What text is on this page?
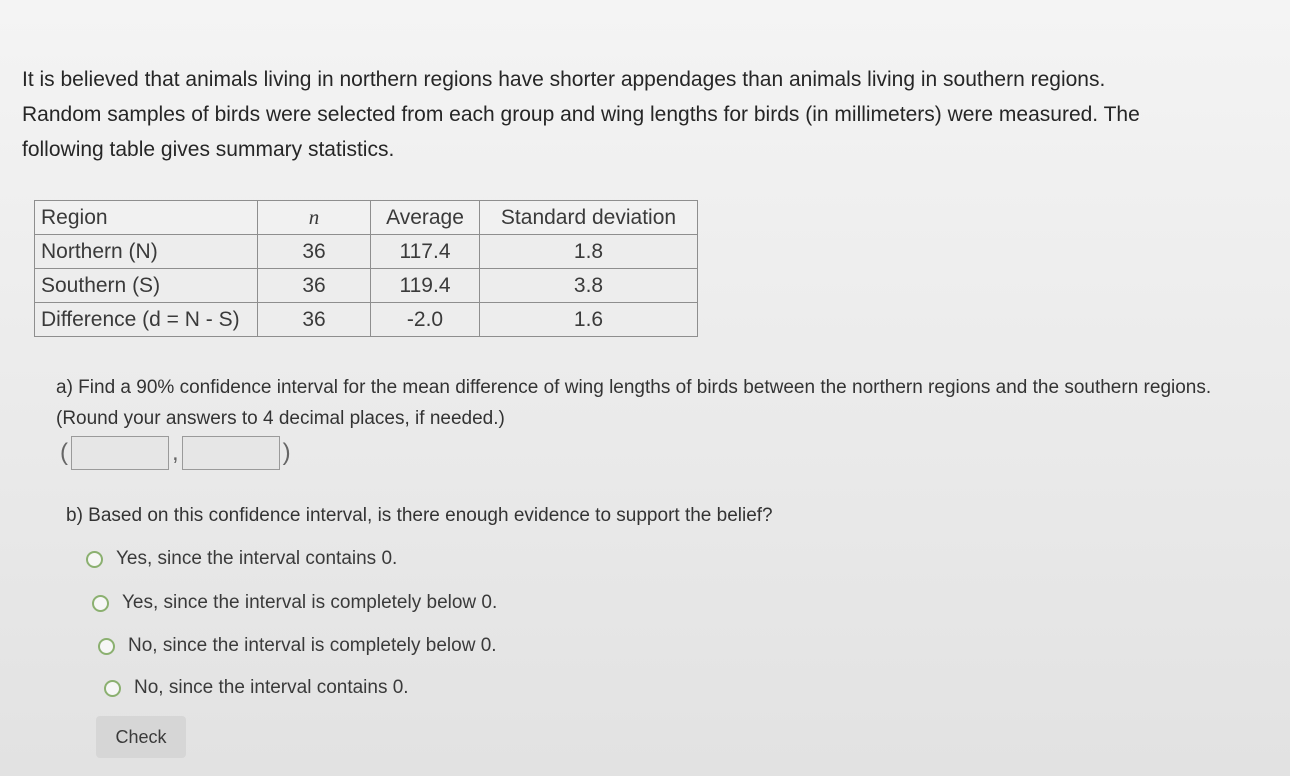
It is believed that animals living in northern regions have shorter appendages than animals living in southern regions.

Random samples of birds were selected from each group and wing lengths for birds (in millimeters) were measured. The

following table gives summary statistics.

Region	n	Average	Standard deviation
Northern (N)	36	117.4	1.8
Southern (S)	36	119.4	3.8
Difference (d = N - S)	36	-2.0	1.6
a) Find a 90% confidence interval for the mean difference of wing lengths of birds between the northern regions and the southern regions. (Round your answers to 4 decimal places, if needed.)
(	,	)
b) Based on this confidence interval, is there enough evidence to support the belief?
Yes, since the interval contains 0.
Yes, since the interval is completely below 0.
No, since the interval is completely below 0.
No, since the interval contains 0.
Check
